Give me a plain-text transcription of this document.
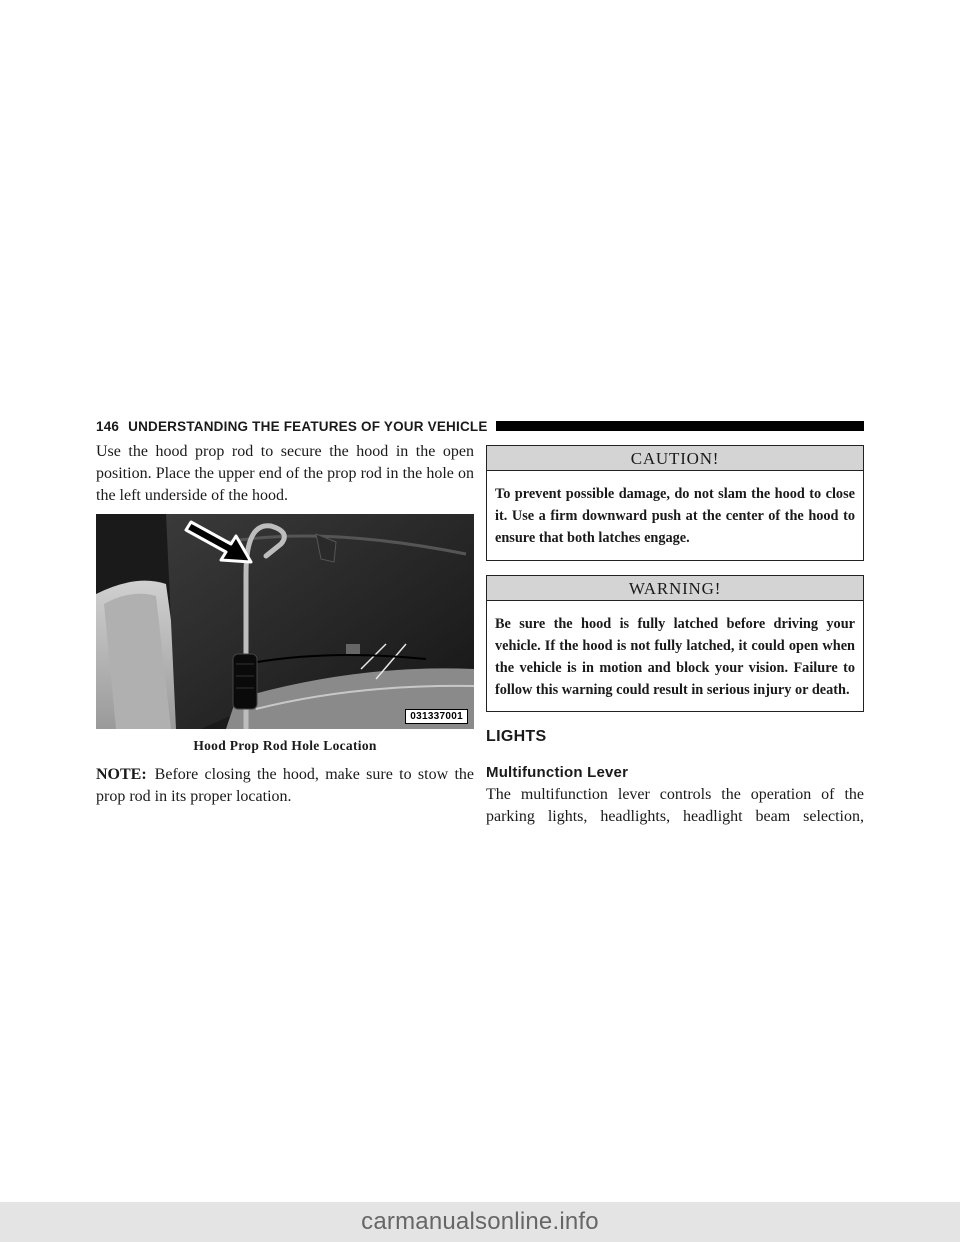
146 UNDERSTANDING THE FEATURES OF YOUR VEHICLE

Use the hood prop rod to secure the hood in the open position. Place the upper end of the prop rod in the hole on the left underside of the hood.

031337001
Hood Prop Rod Hole Location

NOTE: Before closing the hood, make sure to stow the prop rod in its proper location.

CAUTION!
To prevent possible damage, do not slam the hood to close it. Use a firm downward push at the center of the hood to ensure that both latches engage.
WARNING!
Be sure the hood is fully latched before driving your vehicle. If the hood is not fully latched, it could open when the vehicle is in motion and block your vision. Failure to follow this warning could result in serious injury or death.
LIGHTS
Multifunction Lever

The multifunction lever controls the operation of the parking lights, headlights, headlight beam selection,

carmanualsonline.info
